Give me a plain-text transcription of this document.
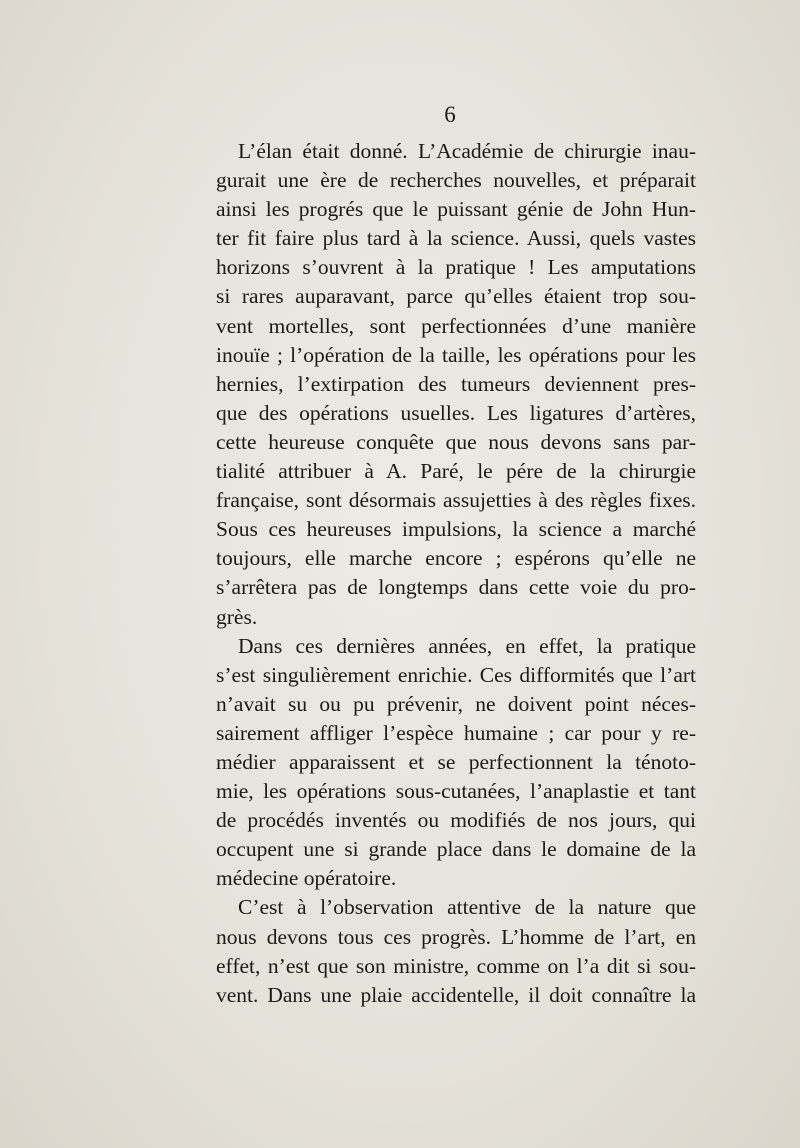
6
L’élan était donné. L’Académie de chirurgie inau-
gurait une ère de recherches nouvelles, et préparait
ainsi les progrés que le puissant génie de John Hun-
ter fit faire plus tard à la science. Aussi, quels vastes
horizons s’ouvrent à la pratique ! Les amputations
si rares auparavant, parce qu’elles étaient trop sou-
vent mortelles, sont perfectionnées d’une manière
inouïe ; l’opération de la taille, les opérations pour les
hernies, l’extirpation des tumeurs deviennent pres-
que des opérations usuelles. Les ligatures d’artères,
cette heureuse conquête que nous devons sans par-
tialité attribuer à A. Paré, le pére de la chirurgie
française, sont désormais assujetties à des règles fixes.
Sous ces heureuses impulsions, la science a marché
toujours, elle marche encore ; espérons qu’elle ne
s’arrêtera pas de longtemps dans cette voie du pro-
grès.
Dans ces dernières années, en effet, la pratique
s’est singulièrement enrichie. Ces difformités que l’art
n’avait su ou pu prévenir, ne doivent point néces-
sairement affliger l’espèce humaine ; car pour y re-
médier apparaissent et se perfectionnent la ténoto-
mie, les opérations sous-cutanées, l’anaplastie et tant
de procédés inventés ou modifiés de nos jours, qui
occupent une si grande place dans le domaine de la
médecine opératoire.
C’est à l’observation attentive de la nature que
nous devons tous ces progrès. L’homme de l’art, en
effet, n’est que son ministre, comme on l’a dit si sou-
vent. Dans une plaie accidentelle, il doit connaître la
